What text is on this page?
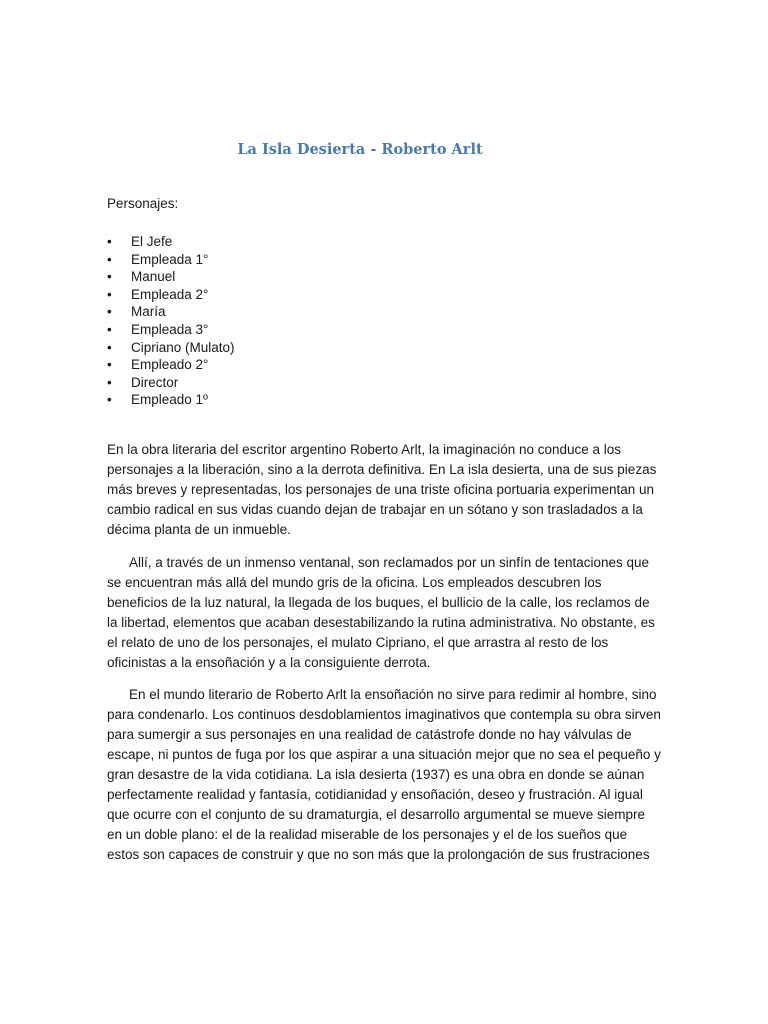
La Isla Desierta - Roberto Arlt
Personajes:
• El Jefe
• Empleada 1°
• Manuel
• Empleada 2°
• María
• Empleada 3°
• Cipriano (Mulato)
• Empleado 2°
• Director
• Empleado 1º

En la obra literaria del escritor argentino Roberto Arlt, la imaginación no conduce a los personajes a la liberación, sino a la derrota definitiva. En La isla desierta, una de sus piezas más breves y representadas, los personajes de una triste oficina portuaria experimentan un cambio radical en sus vidas cuando dejan de trabajar en un sótano y son trasladados a la décima planta de un inmueble.

Allí, a través de un inmenso ventanal, son reclamados por un sinfín de tentaciones que se encuentran más allá del mundo gris de la oficina. Los empleados descubren los beneficios de la luz natural, la llegada de los buques, el bullicio de la calle, los reclamos de la libertad, elementos que acaban desestabilizando la rutina administrativa. No obstante, es el relato de uno de los personajes, el mulato Cipriano, el que arrastra al resto de los oficinistas a la ensoñación y a la consiguiente derrota.

En el mundo literario de Roberto Arlt la ensoñación no sirve para redimir al hombre, sino para condenarlo. Los continuos desdoblamientos imaginativos que contempla su obra sirven para sumergir a sus personajes en una realidad de catástrofe donde no hay válvulas de escape, ni puntos de fuga por los que aspirar a una situación mejor que no sea el pequeño y gran desastre de la vida cotidiana. La isla desierta (1937) es una obra en donde se aúnan perfectamente realidad y fantasía, cotidianidad y ensoñación, deseo y frustración. Al igual que ocurre con el conjunto de su dramaturgia, el desarrollo argumental se mueve siempre en un doble plano: el de la realidad miserable de los personajes y el de los sueños que estos son capaces de construir y que no son más que la prolongación de sus frustraciones
